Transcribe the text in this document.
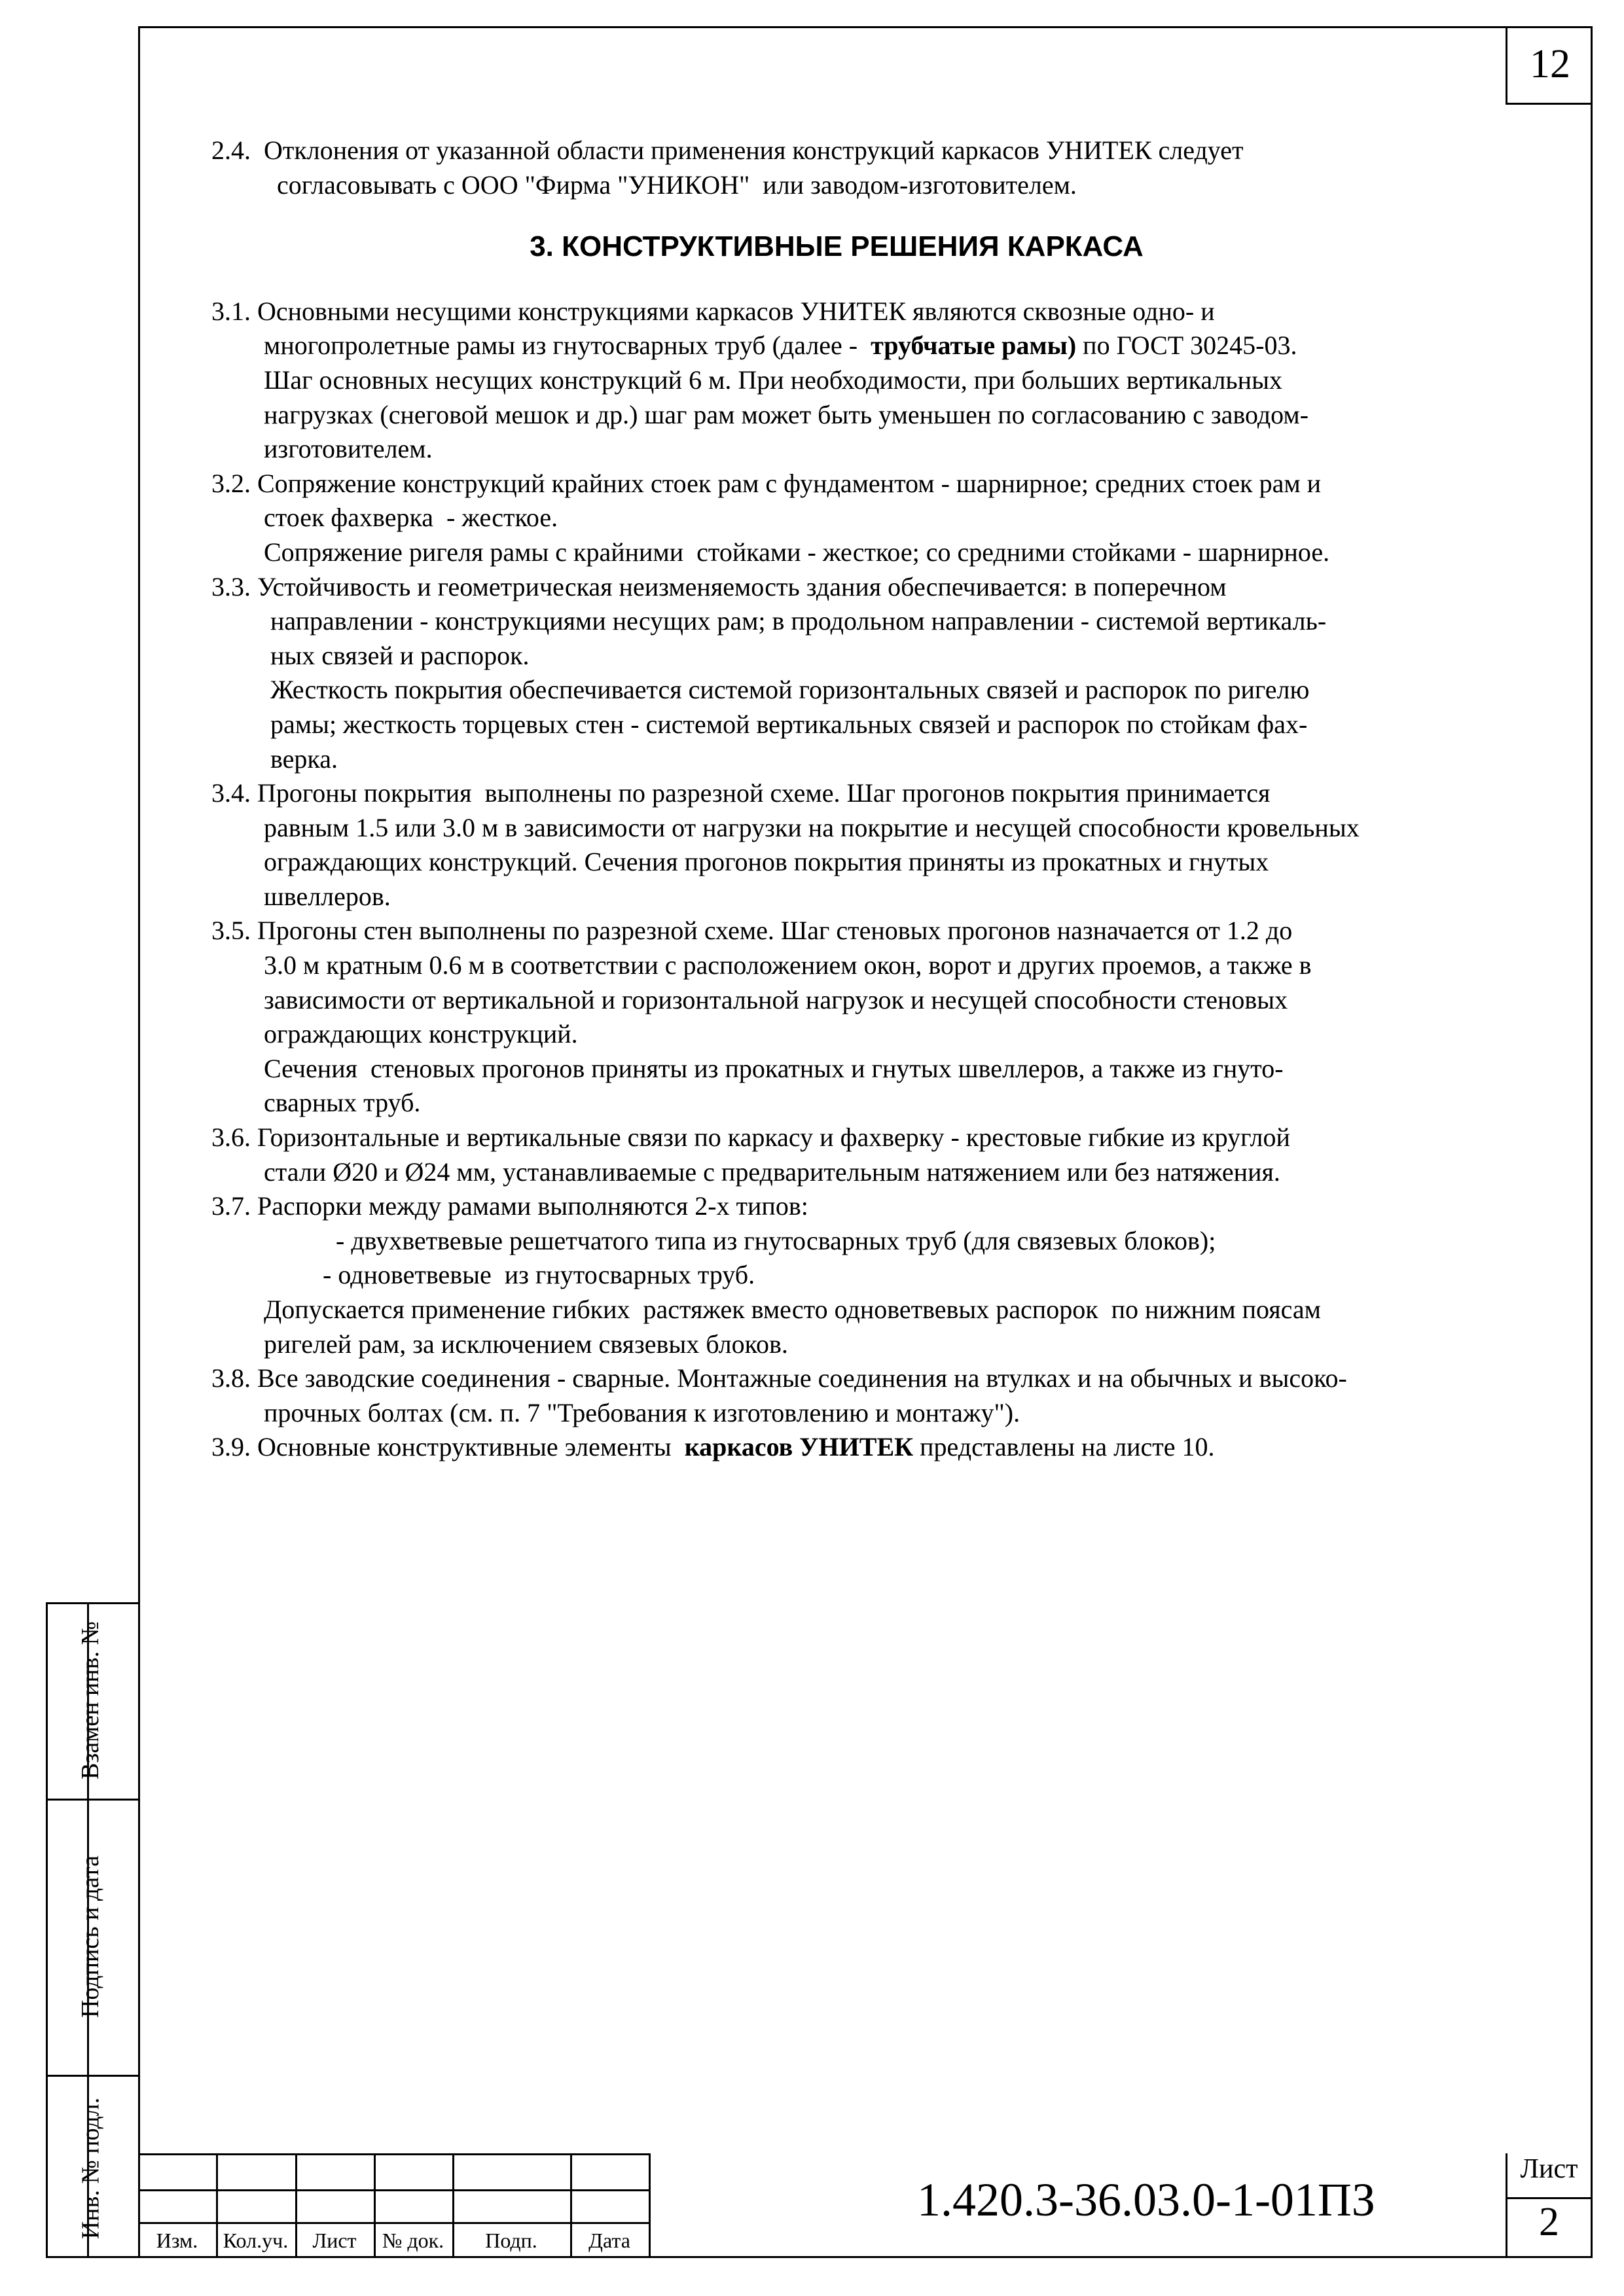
12
2.4.  Отклонения от указанной области применения конструкций каркасов УНИТЕК следует
согласовывать с ООО "Фирма "УНИКОН"  или заводом-изготовителем.
3. КОНСТРУКТИВНЫЕ РЕШЕНИЯ КАРКАСА
3.1. Основными несущими конструкциями каркасов УНИТЕК являются сквозные одно- и
многопролетные рамы из гнутосварных труб (далее -  трубчатые рамы) по ГОСТ 30245-03.
Шаг основных несущих конструкций 6 м. При необходимости, при больших вертикальных
нагрузках (снеговой мешок и др.) шаг рам может быть уменьшен по согласованию с заводом-
изготовителем.
3.2. Сопряжение конструкций крайних стоек рам с фундаментом - шарнирное; средних стоек рам и
стоек фахверка  - жесткое.
Сопряжение ригеля рамы с крайними  стойками - жесткое; со средними стойками - шарнирное.
3.3. Устойчивость и геометрическая неизменяемость здания обеспечивается: в поперечном
направлении - конструкциями несущих рам; в продольном направлении - системой вертикаль-
ных связей и распорок.
Жесткость покрытия обеспечивается системой горизонтальных связей и распорок по ригелю
рамы; жесткость торцевых стен - системой вертикальных связей и распорок по стойкам фах-
верка.
3.4. Прогоны покрытия  выполнены по разрезной схеме. Шаг прогонов покрытия принимается
равным 1.5 или 3.0 м в зависимости от нагрузки на покрытие и несущей способности кровельных
ограждающих конструкций. Сечения прогонов покрытия приняты из прокатных и гнутых
швеллеров.
3.5. Прогоны стен выполнены по разрезной схеме. Шаг стеновых прогонов назначается от 1.2 до
3.0 м кратным 0.6 м в соответствии с расположением окон, ворот и других проемов, а также в
зависимости от вертикальной и горизонтальной нагрузок и несущей способности стеновых
ограждающих конструкций.
Сечения  стеновых прогонов приняты из прокатных и гнутых швеллеров, а также из гнуто-
сварных труб.
3.6. Горизонтальные и вертикальные связи по каркасу и фахверку - крестовые гибкие из круглой
стали Ø20 и Ø24 мм, устанавливаемые с предварительным натяжением или без натяжения.
3.7. Распорки между рамами выполняются 2-х типов:
- двухветвевые решетчатого типа из гнутосварных труб (для связевых блоков);
- одноветвевые  из гнутосварных труб.
Допускается применение гибких  растяжек вместо одноветвевых распорок  по нижним поясам
ригелей рам, за исключением связевых блоков.
3.8. Все заводские соединения - сварные. Монтажные соединения на втулках и на обычных и высоко-
прочных болтах (см. п. 7 "Требования к изготовлению и монтажу").
3.9. Основные конструктивные элементы  каркасов УНИТЕК представлены на листе 10.
Взамен инв. №
Подпись и дата
Инв. № подл.
Изм.	Кол.уч.	Лист	№ док.	Подп.	Дата
1.420.3-36.03.0-1-01ПЗ
Лист
2
